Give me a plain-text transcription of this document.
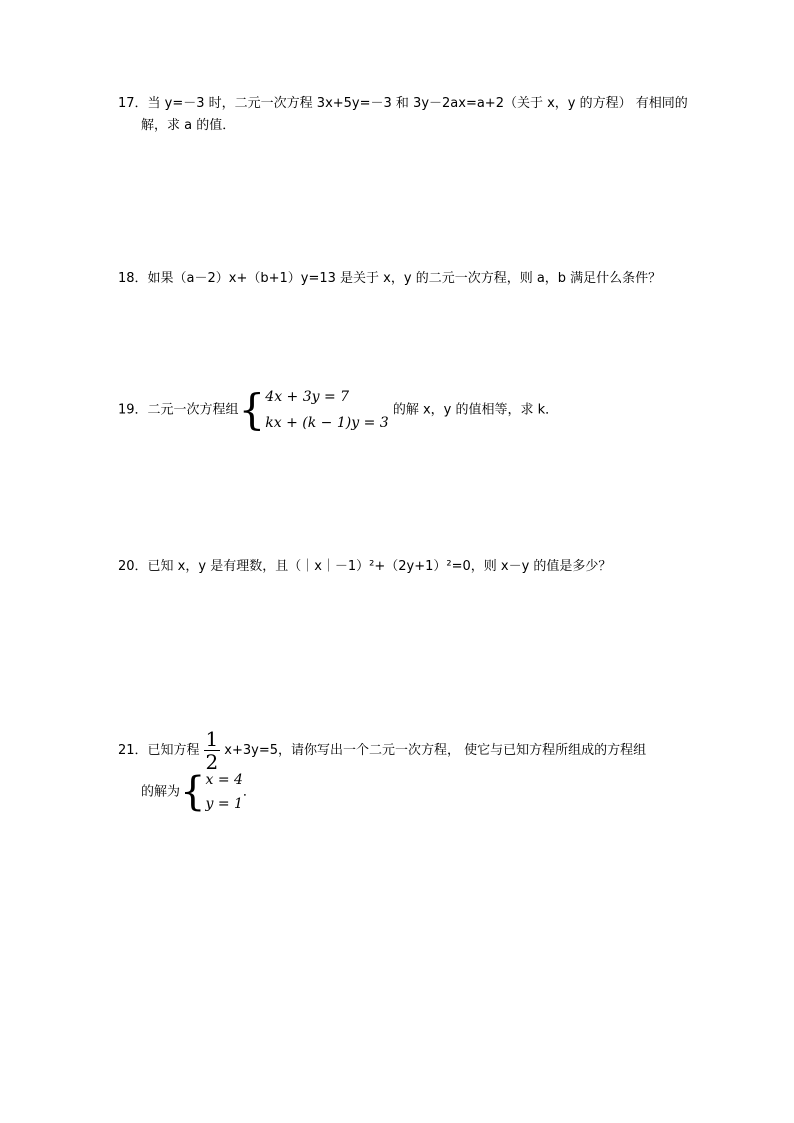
17．当 y=－3 时，二元一次方程 3x+5y=－3 和 3y－2ax=a+2（关于 x，y 的方程） 有相同的
解，求 a 的值．
18．如果（a－2）x+（b+1）y=13 是关于 x，y 的二元一次方程，则 a，b 满足什么条件？
19．二元一次方程组 { 4x + 3y = 7
kx + (k − 1)y = 3
的解 x，y 的值相等，求 k．
20．已知 x，y 是有理数，且（｜x｜－1）²+（2y+1）²=0，则 x－y 的值是多少？
21．已知方程 $\frac{1}{2} x+3y=5$，请你写出一个二元一次方程， 使它与已知方程所组成的方程组
的解为 { x = 4
y = 1
．
